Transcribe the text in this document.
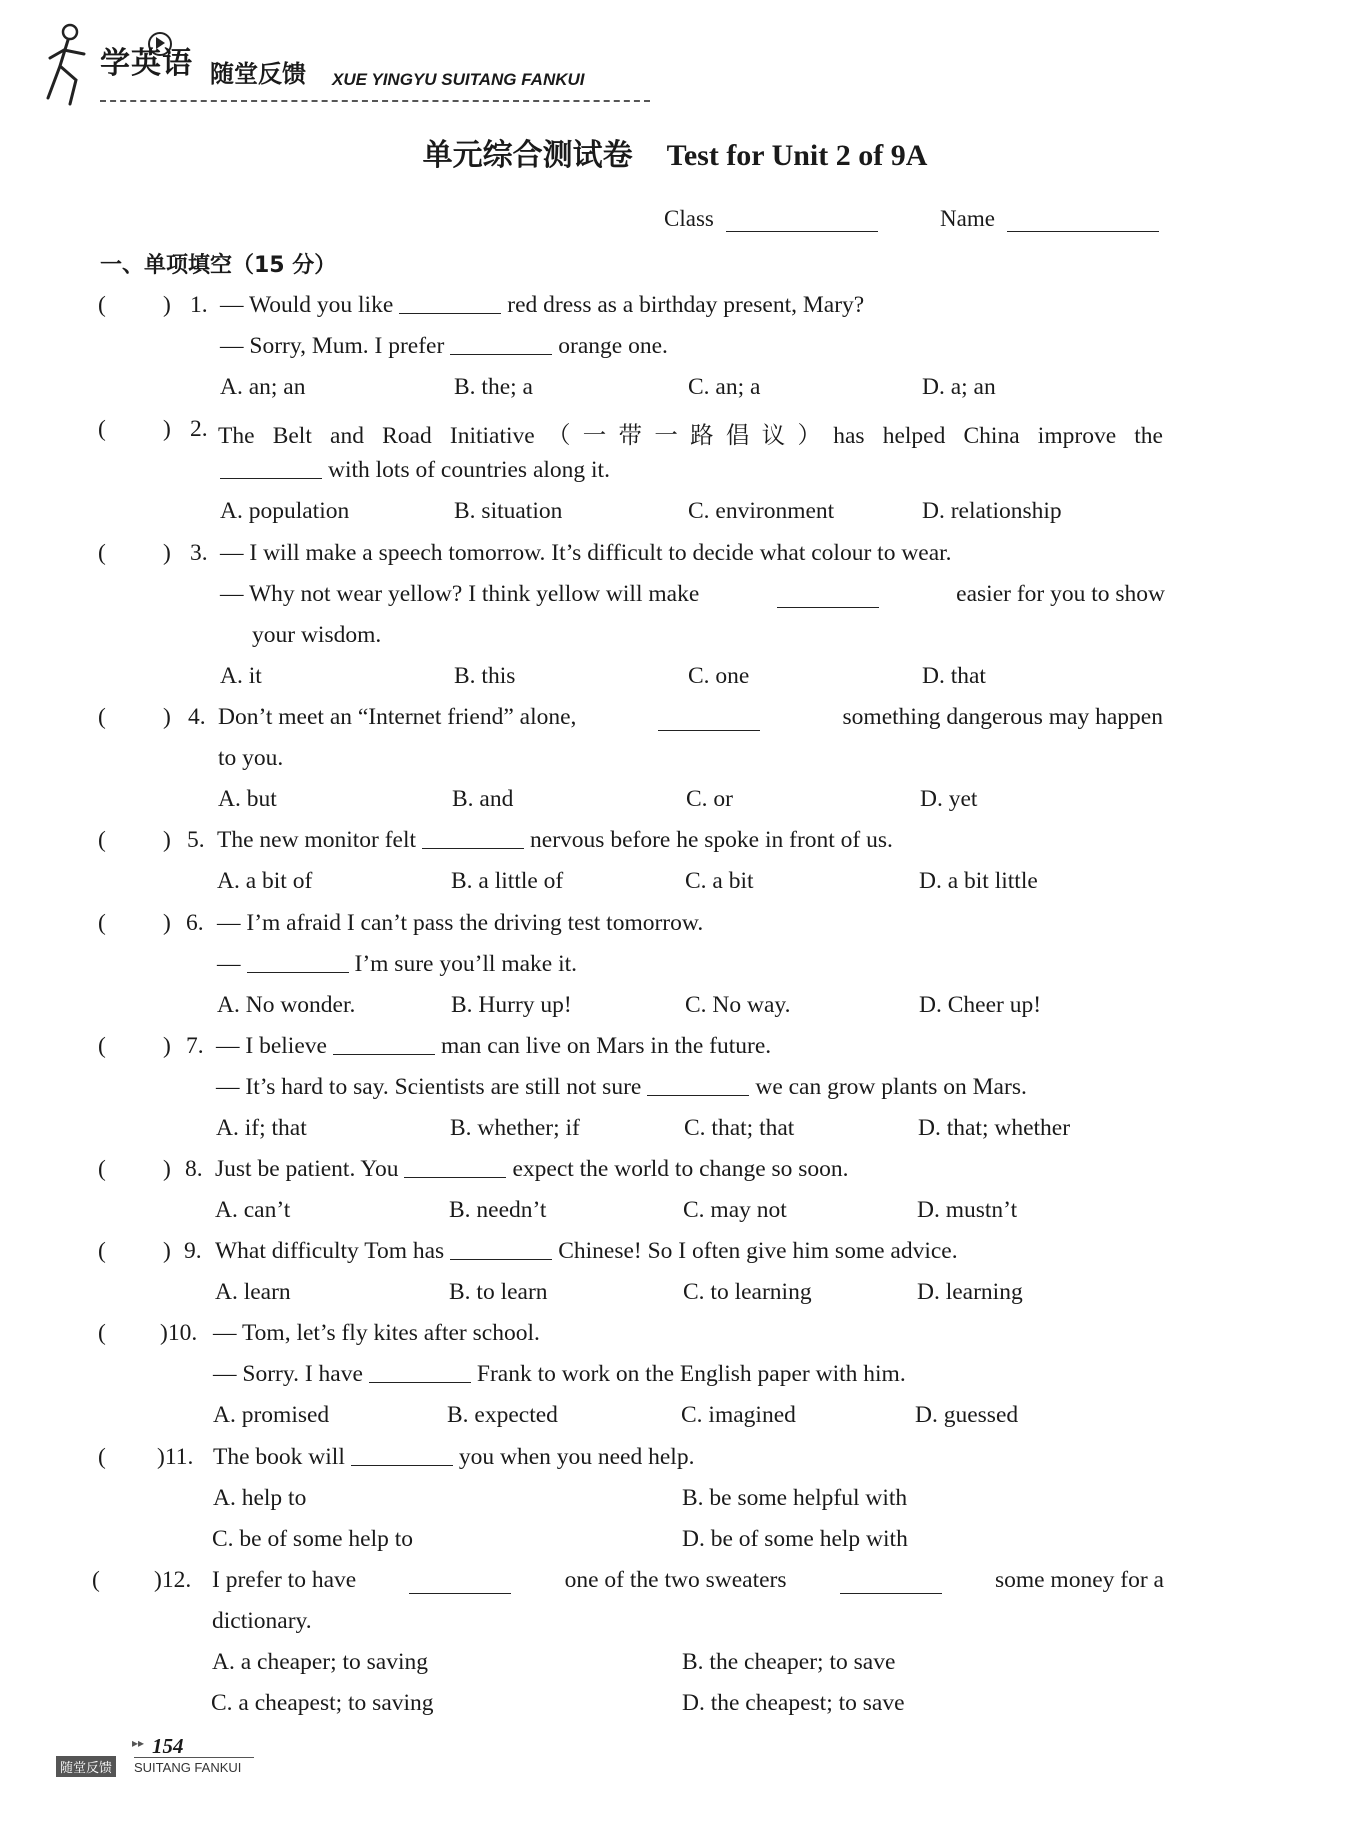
学英语 随堂反馈 XUE YINGYU SUITANG FANKUI
单元综合测试卷 Test for Unit 2 of 9A
Class	Name
一、单项填空（15 分）
( ) 1. — Would you like	red dress as a birthday present, Mary?
— Sorry, Mum. I prefer	orange one.
A. an; an	B. the; a	C. an; a	D. a; an
( ) 2. The Belt and Road Initiative（一带一路倡议）has helped China improve the
with lots of countries along it.
A. population	B. situation	C. environment	D. relationship
( ) 3. — I will make a speech tomorrow. It’s difficult to decide what colour to wear.
— Why not wear yellow? I think yellow will make	easier for you to show
your wisdom.
A. it	B. this	C. one	D. that
( ) 4. Don’t meet an “Internet friend” alone,	something dangerous may happen
to you.
A. but	B. and	C. or	D. yet
( ) 5. The new monitor felt	nervous before he spoke in front of us.
A. a bit of	B. a little of	C. a bit	D. a bit little
( ) 6. — I’m afraid I can’t pass the driving test tomorrow.
—	I’m sure you’ll make it.
A. No wonder.	B. Hurry up!	C. No way.	D. Cheer up!
( ) 7. — I believe	man can live on Mars in the future.
— It’s hard to say. Scientists are still not sure	we can grow plants on Mars.
A. if; that	B. whether; if	C. that; that	D. that; whether
( ) 8. Just be patient. You	expect the world to change so soon.
A. can’t	B. needn’t	C. may not	D. mustn’t
( ) 9. What difficulty Tom has	Chinese! So I often give him some advice.
A. learn	B. to learn	C. to learning	D. learning
( )10. — Tom, let’s fly kites after school.
— Sorry. I have	Frank to work on the English paper with him.
A. promised	B. expected	C. imagined	D. guessed
( )11. The book will	you when you need help.
A. help to	B. be some helpful with
C. be of some help to	D. be of some help with
( )12. I prefer to have	one of the two sweaters	some money for a
dictionary.
A. a cheaper; to saving	B. the cheaper; to save
C. a cheapest; to saving	D. the cheapest; to save
▸▸ 154
随堂反馈	SUITANG FANKUI
